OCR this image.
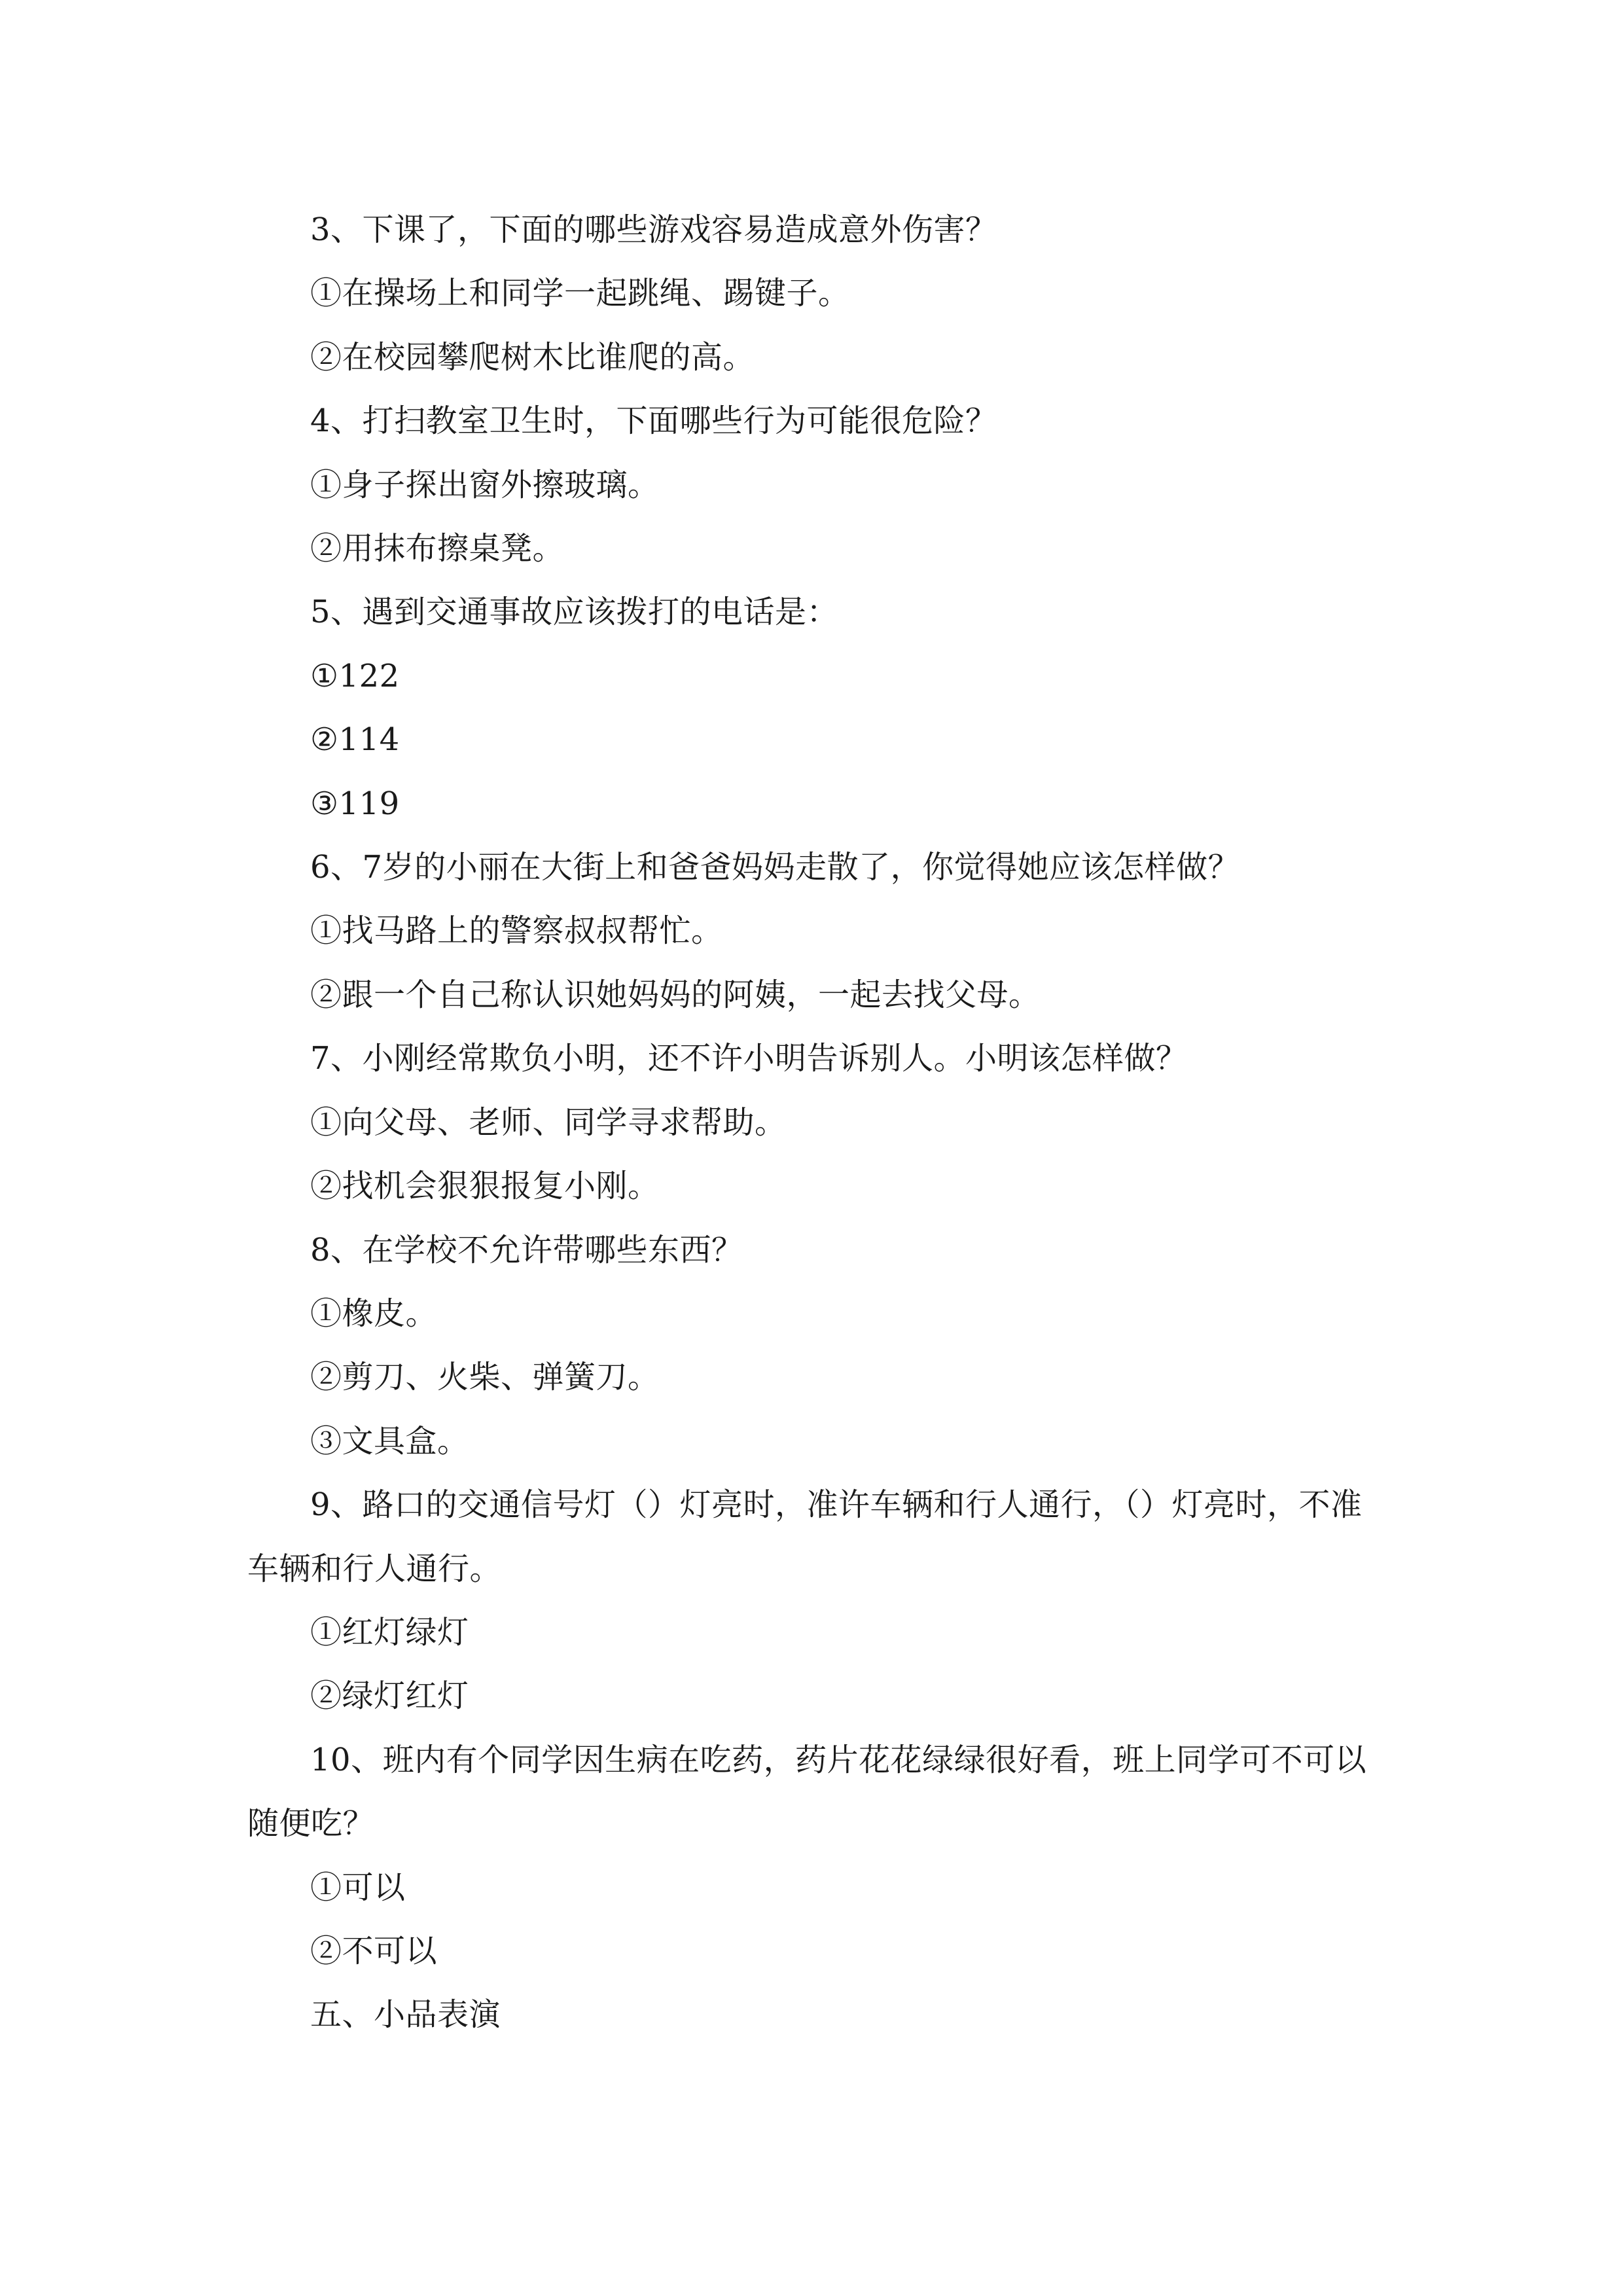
3、下课了，下面的哪些游戏容易造成意外伤害？

①在操场上和同学一起跳绳、踢键子。

②在校园攀爬树木比谁爬的高。

4、打扫教室卫生时，下面哪些行为可能很危险？

①身子探出窗外擦玻璃。

②用抹布擦桌凳。

5、遇到交通事故应该拨打的电话是：

①122

②114

③119

6、7岁的小丽在大街上和爸爸妈妈走散了，你觉得她应该怎样做？

①找马路上的警察叔叔帮忙。

②跟一个自己称认识她妈妈的阿姨，一起去找父母。

7、小刚经常欺负小明，还不许小明告诉别人。小明该怎样做？

①向父母、老师、同学寻求帮助。

②找机会狠狠报复小刚。

8、在学校不允许带哪些东西？

①橡皮。

②剪刀、火柴、弹簧刀。

③文具盒。

9、路口的交通信号灯（）灯亮时，准许车辆和行人通行，（）灯亮时，不准车辆和行人通行。

①红灯绿灯

②绿灯红灯

10、班内有个同学因生病在吃药，药片花花绿绿很好看，班上同学可不可以随便吃？

①可以

②不可以

五、小品表演
